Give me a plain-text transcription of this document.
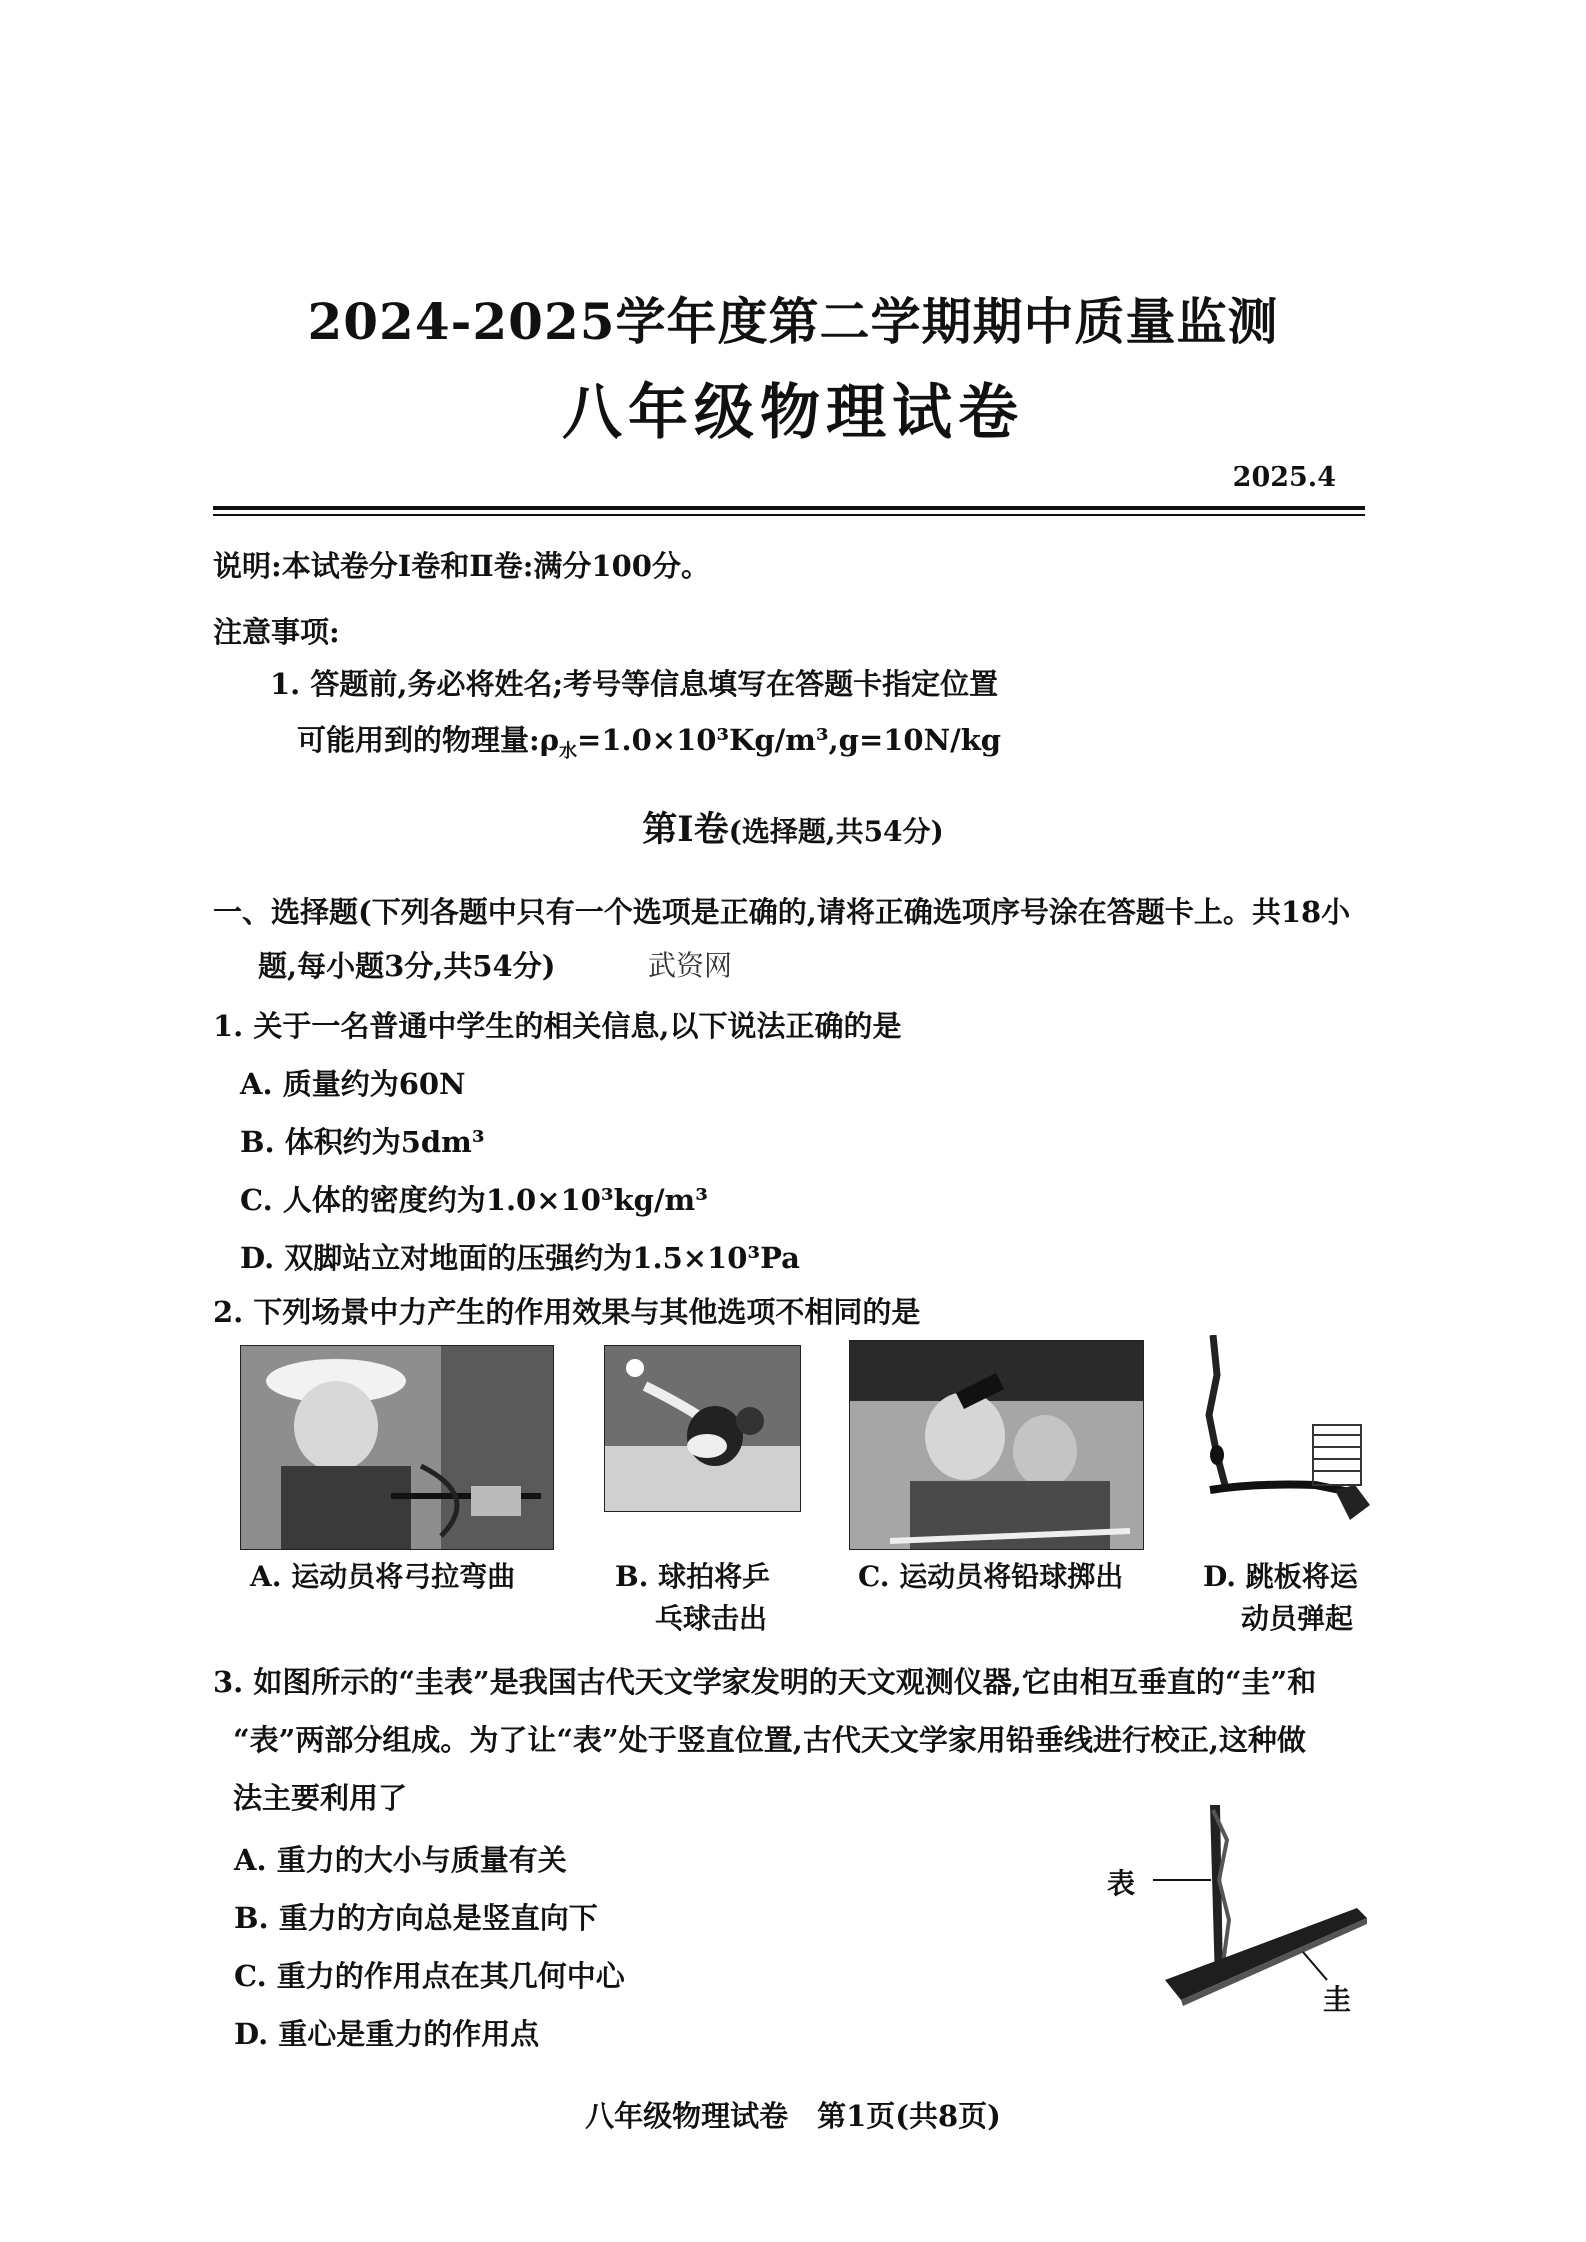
2024-2025学年度第二学期期中质量监测
八年级物理试卷
2025.4
说明:本试卷分Ⅰ卷和Ⅱ卷:满分100分。
注意事项:
1. 答题前,务必将姓名;考号等信息填写在答题卡指定位置
可能用到的物理量$:\rho_水=1.0\times 10^3Kg/m^3,g=10N/kg$
第Ⅰ卷(选择题,共54分)
一、选择题(下列各题中只有一个选项是正确的,请将正确选项序号涂在答题卡上。共18小
题,每小题3分,共54分)	武资网
1. 关于一名普通中学生的相关信息,以下说法正确的是
A. 质量约为60N
B. 体积约为5dm³
C. 人体的密度约为1.0×10³kg/m³
D. 双脚站立对地面的压强约为1.5×10³Pa
2. 下列场景中力产生的作用效果与其他选项不相同的是
A. 运动员将弓拉弯曲	B. 球拍将乒
乓球击出
C. 运动员将铅球掷出	D. 跳板将运
动员弹起
3. 如图所示的“圭表”是我国古代天文学家发明的天文观测仪器,它由相互垂直的“圭”和
“表”两部分组成。为了让“表”处于竖直位置,古代天文学家用铅垂线进行校正,这种做
法主要利用了
A. 重力的大小与质量有关
B. 重力的方向总是竖直向下
C. 重力的作用点在其几何中心
D. 重心是重力的作用点
表
圭
八年级物理试卷　第1页(共8页)
